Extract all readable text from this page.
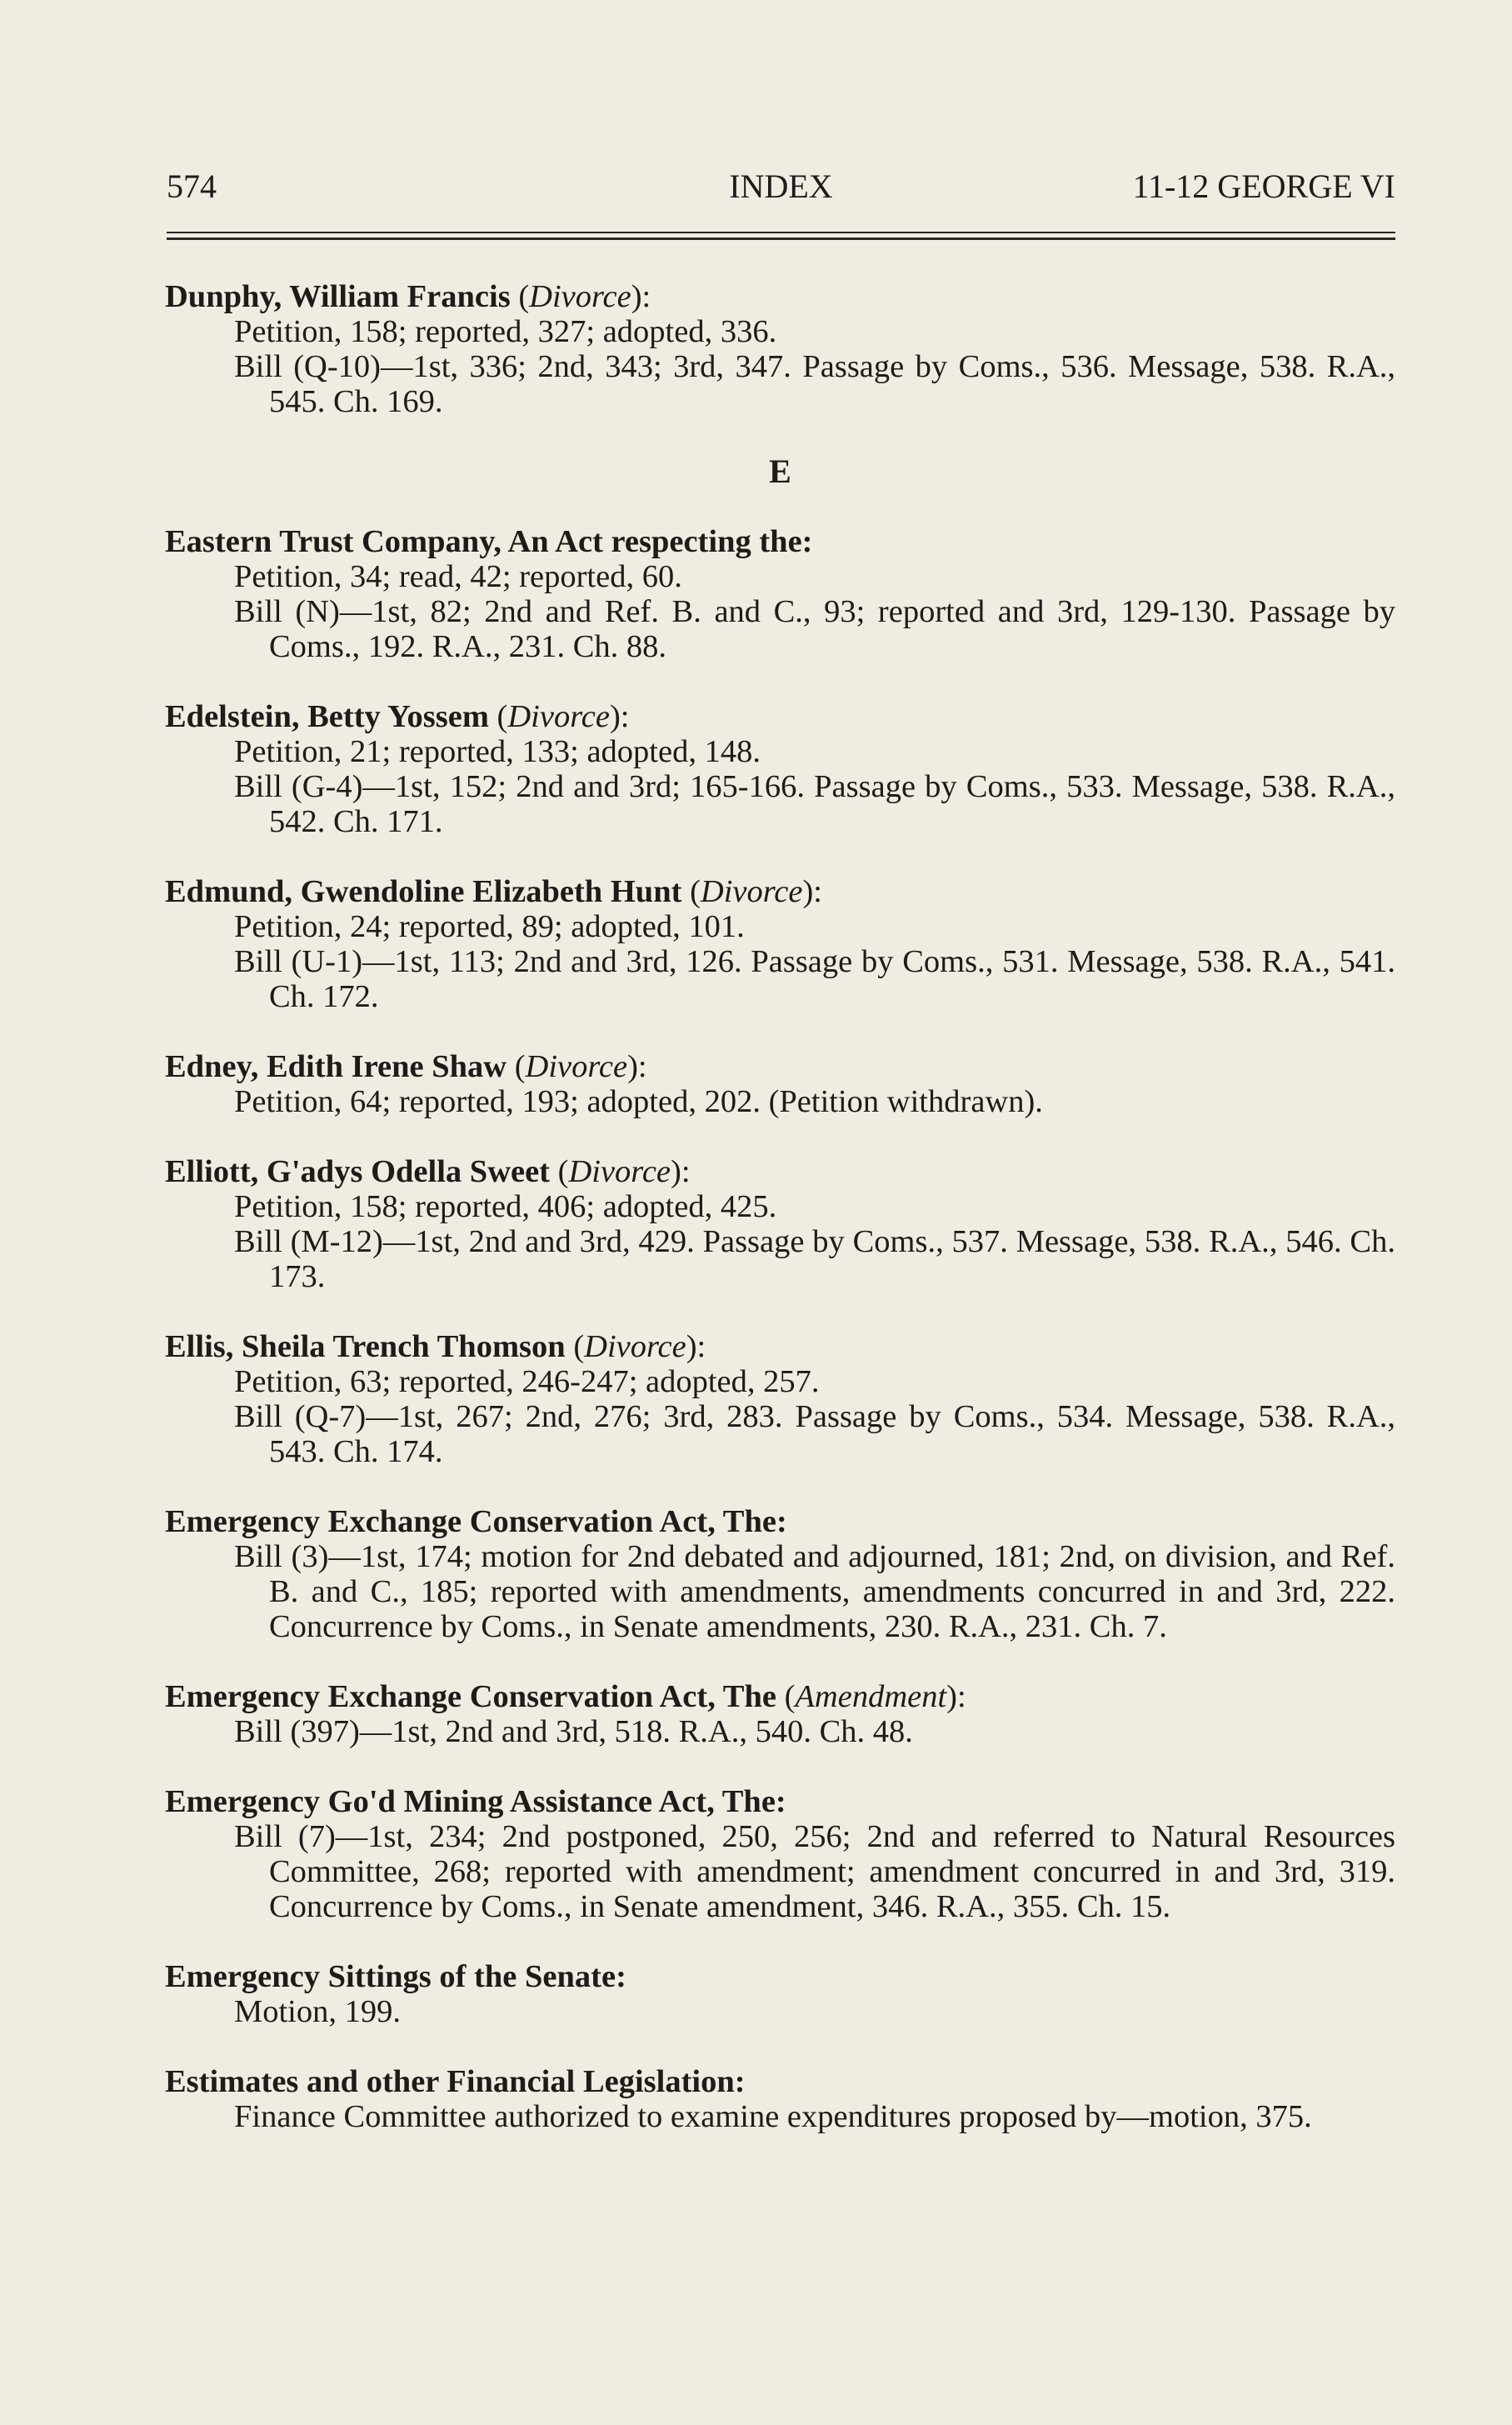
574	INDEX	11-12 GEORGE VI
Dunphy, William Francis (Divorce):
Petition, 158; reported, 327; adopted, 336.
Bill (Q-10)—1st, 336; 2nd, 343; 3rd, 347. Passage by Coms., 536. Message, 538. R.A., 545. Ch. 169.
E
Eastern Trust Company, An Act respecting the:
Petition, 34; read, 42; reported, 60.
Bill (N)—1st, 82; 2nd and Ref. B. and C., 93; reported and 3rd, 129-130. Passage by Coms., 192. R.A., 231. Ch. 88.
Edelstein, Betty Yossem (Divorce):
Petition, 21; reported, 133; adopted, 148.
Bill (G-4)—1st, 152; 2nd and 3rd; 165-166. Passage by Coms., 533. Message, 538. R.A., 542. Ch. 171.
Edmund, Gwendoline Elizabeth Hunt (Divorce):
Petition, 24; reported, 89; adopted, 101.
Bill (U-1)—1st, 113; 2nd and 3rd, 126. Passage by Coms., 531. Message, 538. R.A., 541. Ch. 172.
Edney, Edith Irene Shaw (Divorce):
Petition, 64; reported, 193; adopted, 202. (Petition withdrawn).
Elliott, G'adys Odella Sweet (Divorce):
Petition, 158; reported, 406; adopted, 425.
Bill (M-12)—1st, 2nd and 3rd, 429. Passage by Coms., 537. Message, 538. R.A., 546. Ch. 173.
Ellis, Sheila Trench Thomson (Divorce):
Petition, 63; reported, 246-247; adopted, 257.
Bill (Q-7)—1st, 267; 2nd, 276; 3rd, 283. Passage by Coms., 534. Message, 538. R.A., 543. Ch. 174.
Emergency Exchange Conservation Act, The:
Bill (3)—1st, 174; motion for 2nd debated and adjourned, 181; 2nd, on division, and Ref. B. and C., 185; reported with amendments, amendments concurred in and 3rd, 222. Concurrence by Coms., in Senate amendments, 230. R.A., 231. Ch. 7.
Emergency Exchange Conservation Act, The (Amendment):
Bill (397)—1st, 2nd and 3rd, 518. R.A., 540. Ch. 48.
Emergency Go'd Mining Assistance Act, The:
Bill (7)—1st, 234; 2nd postponed, 250, 256; 2nd and referred to Natural Resources Committee, 268; reported with amendment; amendment concurred in and 3rd, 319. Concurrence by Coms., in Senate amendment, 346. R.A., 355. Ch. 15.
Emergency Sittings of the Senate:
Motion, 199.
Estimates and other Financial Legislation:
Finance Committee authorized to examine expenditures proposed by—motion, 375.
